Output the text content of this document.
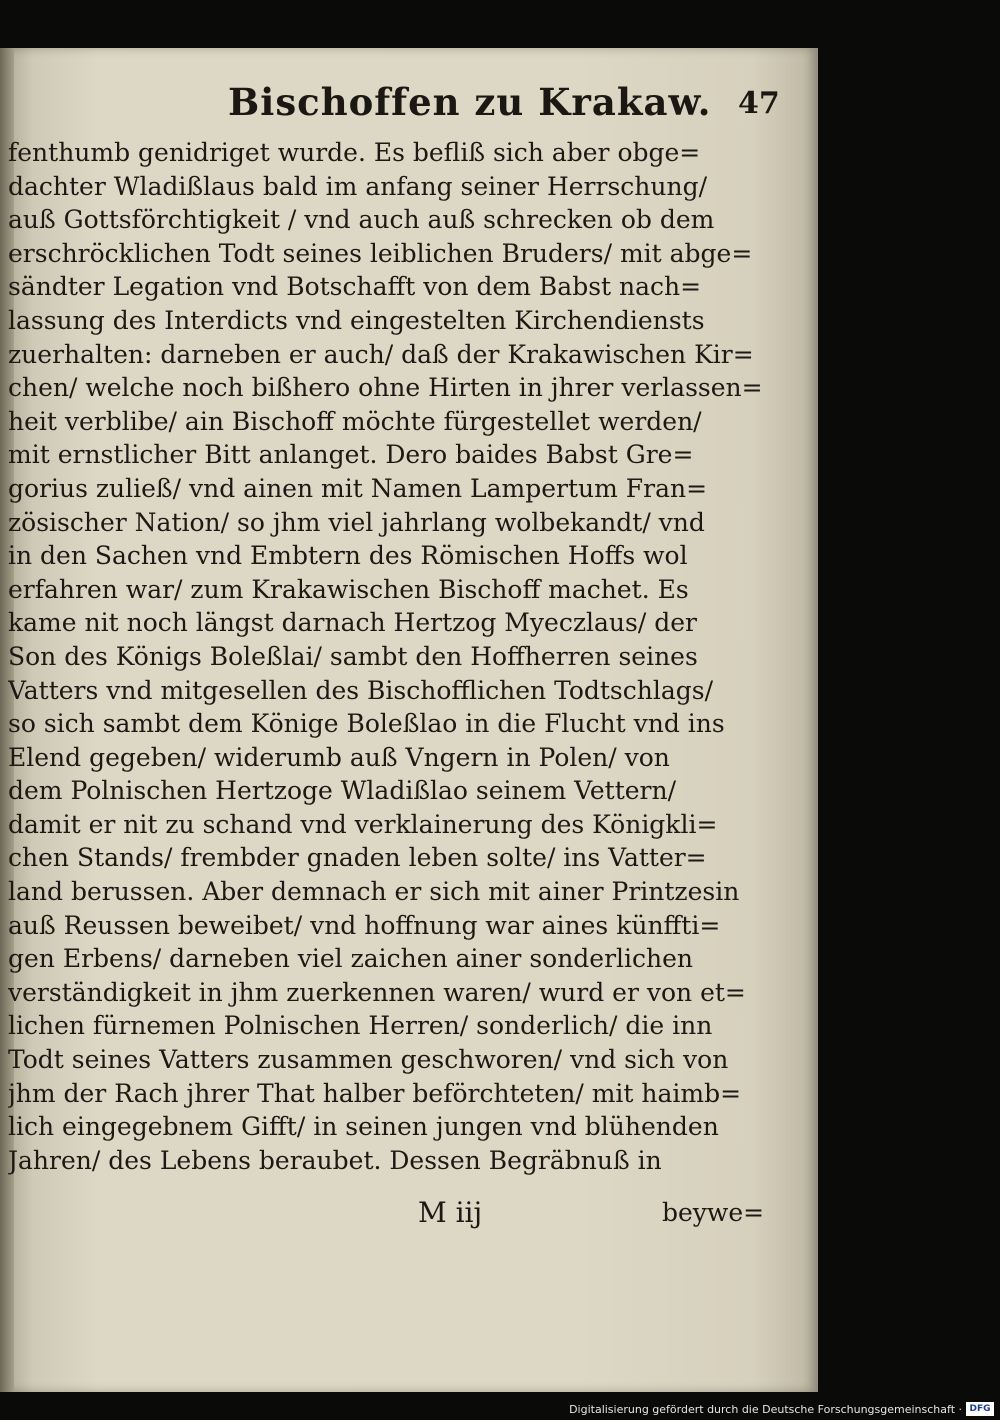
Bischoffen zu Krakaw. 47
fenthumb genidriget wurde. Es befliß sich aber obge=
dachter Wladißlaus bald im anfang seiner Herrschung/
auß Gottsförchtigkeit / vnd auch auß schrecken ob dem
erschröcklichen Todt seines leiblichen Bruders/ mit abge=
sändter Legation vnd Botschafft von dem Babst nach=
lassung des Interdicts vnd eingestelten Kirchendiensts
zuerhalten: darneben er auch/ daß der Krakawischen Kir=
chen/ welche noch bißhero ohne Hirten in jhrer verlassen=
heit verblibe/ ain Bischoff möchte fürgestellet werden/
mit ernstlicher Bitt anlanget. Dero baides Babst Gre=
gorius zuließ/ vnd ainen mit Namen Lampertum Fran=
zösischer Nation/ so jhm viel jahrlang wolbekandt/ vnd
in den Sachen vnd Embtern des Römischen Hoffs wol
erfahren war/ zum Krakawischen Bischoff machet. Es
kame nit noch längst darnach Hertzog Myeczlaus/ der
Son des Königs Boleßlai/ sambt den Hoffherren seines
Vatters vnd mitgesellen des Bischofflichen Todtschlags/
so sich sambt dem Könige Boleßlao in die Flucht vnd ins
Elend gegeben/ widerumb auß Vngern in Polen/ von
dem Polnischen Hertzoge Wladißlao seinem Vettern/
damit er nit zu schand vnd verklainerung des Königkli=
chen Stands/ frembder gnaden leben solte/ ins Vatter=
land berussen. Aber demnach er sich mit ainer Printzesin
auß Reussen beweibet/ vnd hoffnung war aines künffti=
gen Erbens/ darneben viel zaichen ainer sonderlichen
verständigkeit in jhm zuerkennen waren/ wurd er von et=
lichen fürnemen Polnischen Herren/ sonderlich/ die inn
Todt seines Vatters zusammen geschworen/ vnd sich von
jhm der Rach jhrer That halber beförchteten/ mit haimb=
lich eingegebnem Gifft/ in seinen jungen vnd blühenden
Jahren/ des Lebens beraubet. Dessen Begräbnuß in
M iij	beywe=
Digitalisierung gefördert durch die Deutsche Forschungsgemeinschaft · DFG
